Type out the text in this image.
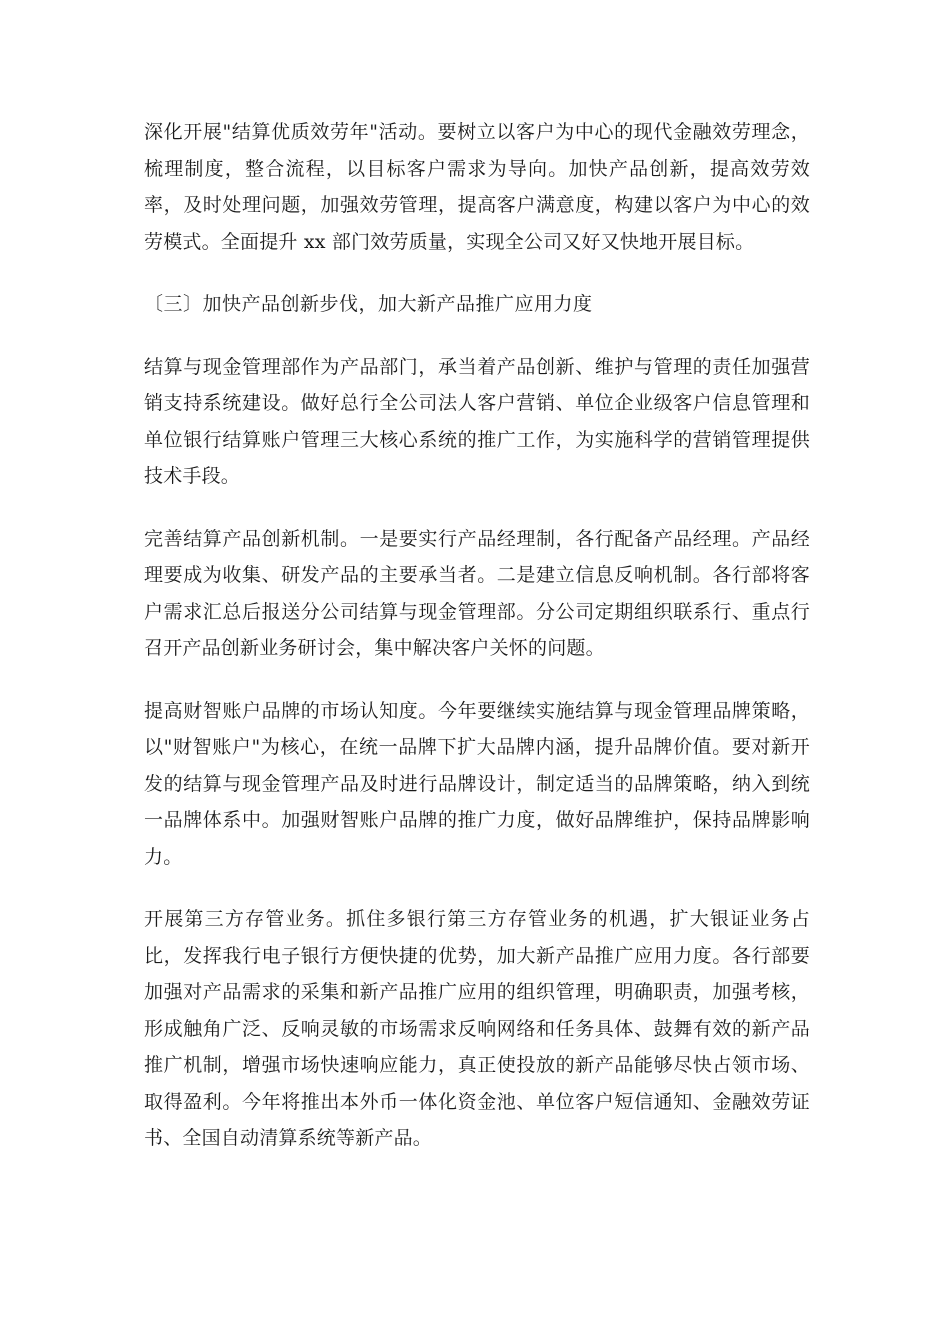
深化开展"结算优质效劳年"活动。要树立以客户为中心的现代金融效劳理念，梳理制度，整合流程，以目标客户需求为导向。加快产品创新，提高效劳效率，及时处理问题，加强效劳管理，提高客户满意度，构建以客户为中心的效劳模式。全面提升 xx 部门效劳质量，实现全公司又好又快地开展目标。

〔三〕加快产品创新步伐，加大新产品推广应用力度

结算与现金管理部作为产品部门，承当着产品创新、维护与管理的责任加强营销支持系统建设。做好总行全公司法人客户营销、单位企业级客户信息管理和单位银行结算账户管理三大核心系统的推广工作，为实施科学的营销管理提供技术手段。

完善结算产品创新机制。一是要实行产品经理制，各行配备产品经理。产品经理要成为收集、研发产品的主要承当者。二是建立信息反响机制。各行部将客户需求汇总后报送分公司结算与现金管理部。分公司定期组织联系行、重点行召开产品创新业务研讨会，集中解决客户关怀的问题。

提高财智账户品牌的市场认知度。今年要继续实施结算与现金管理品牌策略，以"财智账户"为核心，在统一品牌下扩大品牌内涵，提升品牌价值。要对新开发的结算与现金管理产品及时进行品牌设计，制定适当的品牌策略，纳入到统一品牌体系中。加强财智账户品牌的推广力度，做好品牌维护，保持品牌影响力。

开展第三方存管业务。抓住多银行第三方存管业务的机遇，扩大银证业务占比，发挥我行电子银行方便快捷的优势，加大新产品推广应用力度。各行部要加强对产品需求的采集和新产品推广应用的组织管理，明确职责，加强考核，形成触角广泛、反响灵敏的市场需求反响网络和任务具体、鼓舞有效的新产品推广机制，增强市场快速响应能力，真正使投放的新产品能够尽快占领市场、取得盈利。今年将推出本外币一体化资金池、单位客户短信通知、金融效劳证书、全国自动清算系统等新产品。
